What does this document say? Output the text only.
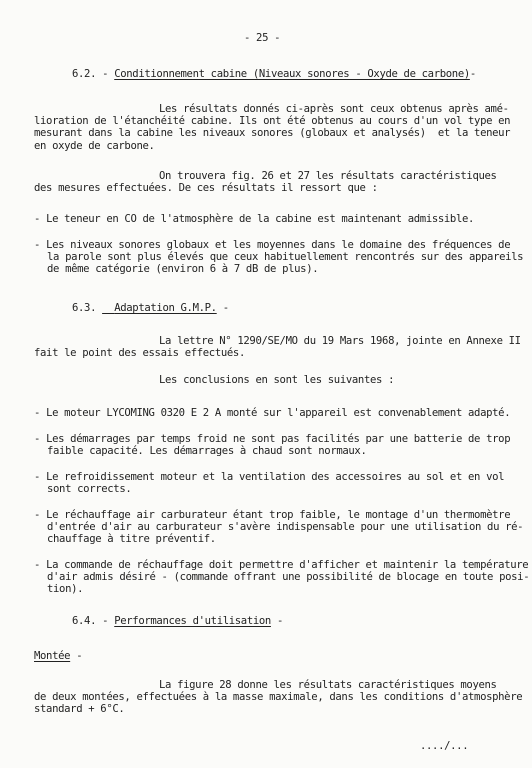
- 25 -
6.2. - Conditionnement cabine (Niveaux sonores - Oxyde de carbone)-
Les résultats donnés ci-après sont ceux obtenus après amé-
lioration de l'étanchéité cabine. Ils ont été obtenus au cours d'un vol type en
mesurant dans la cabine les niveaux sonores (globaux et analysés)  et la teneur
en oxyde de carbone.
On trouvera fig. 26 et 27 les résultats caractéristiques
des mesures effectuées. De ces résultats il ressort que :
- Le teneur en CO de l'atmosphère de la cabine est maintenant admissible.
- Les niveaux sonores globaux et les moyennes dans le domaine des fréquences de
la parole sont plus élevés que ceux habituellement rencontrés sur des appareils
de même catégorie (environ 6 à 7 dB de plus).
6.3. _ Adaptation G.M.P. -
La lettre N° 1290/SE/MO du 19 Mars 1968, jointe en Annexe II
fait le point des essais effectués.
Les conclusions en sont les suivantes :
- Le moteur LYCOMING 0320 E 2 A monté sur l'appareil est convenablement adapté.
- Les démarrages par temps froid ne sont pas facilités par une batterie de trop
faible capacité. Les démarrages à chaud sont normaux.
- Le refroidissement moteur et la ventilation des accessoires au sol et en vol
sont corrects.
- Le réchauffage air carburateur étant trop faible, le montage d'un thermomètre
d'entrée d'air au carburateur s'avère indispensable pour une utilisation du ré-
chauffage à titre préventif.
- La commande de réchauffage doit permettre d'afficher et maintenir la température
d'air admis désiré - (commande offrant une possibilité de blocage en toute posi-
tion).
6.4. - Performances d'utilisation -
Montée -
La figure 28 donne les résultats caractéristiques moyens
de deux montées, effectuées à la masse maximale, dans les conditions d'atmosphère
standard + 6°C.
..../...
